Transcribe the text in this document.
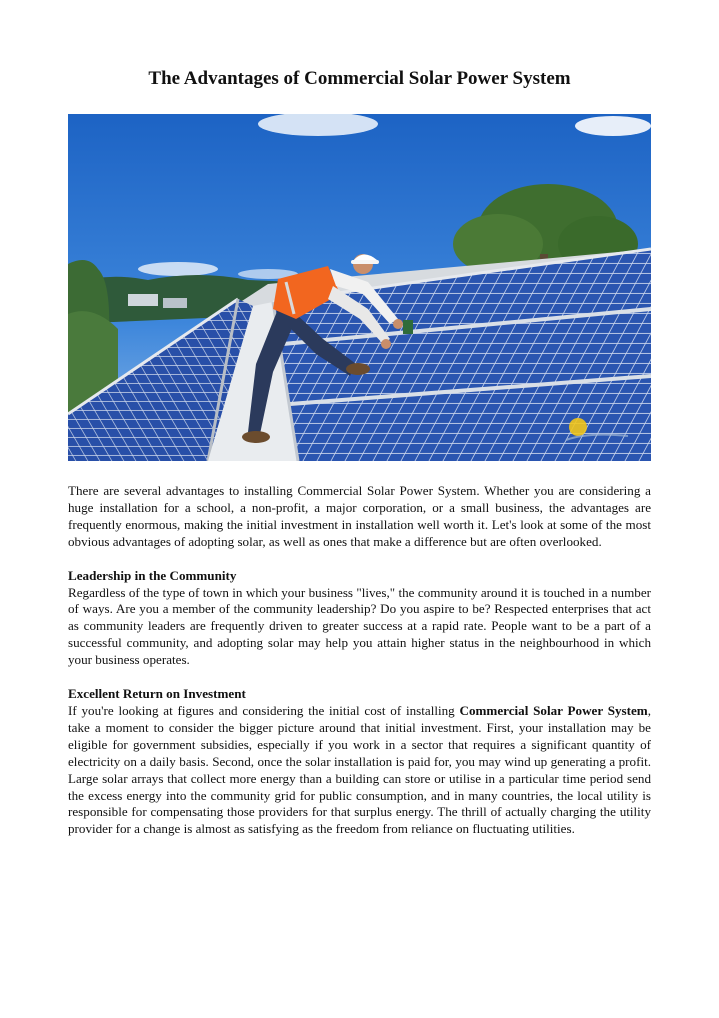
The Advantages of Commercial Solar Power System

There are several advantages to installing Commercial Solar Power System. Whether you are considering a huge installation for a school, a non-profit, a major corporation, or a small business, the advantages are frequently enormous, making the initial investment in installation well worth it. Let's look at some of the most obvious advantages of adopting solar, as well as ones that make a difference but are often overlooked.

Leadership in the Community

Regardless of the type of town in which your business "lives," the community around it is touched in a number of ways. Are you a member of the community leadership? Do you aspire to be? Respected enterprises that act as community leaders are frequently driven to greater success at a rapid rate. People want to be a part of a successful community, and adopting solar may help you attain higher status in the neighbourhood in which your business operates.

Excellent Return on Investment

If you're looking at figures and considering the initial cost of installing Commercial Solar Power System, take a moment to consider the bigger picture around that initial investment. First, your installation may be eligible for government subsidies, especially if you work in a sector that requires a significant quantity of electricity on a daily basis. Second, once the solar installation is paid for, you may wind up generating a profit. Large solar arrays that collect more energy than a building can store or utilise in a particular time period send the excess energy into the community grid for public consumption, and in many countries, the local utility is responsible for compensating those providers for that surplus energy. The thrill of actually charging the utility provider for a change is almost as satisfying as the freedom from reliance on fluctuating utilities.
